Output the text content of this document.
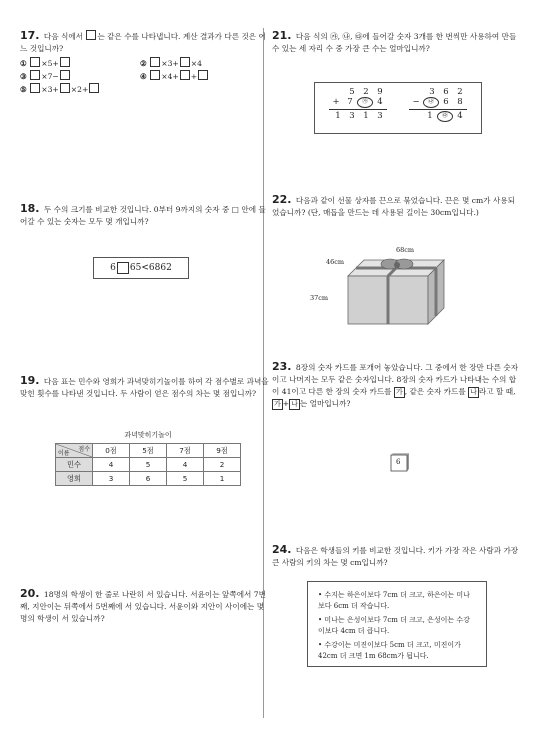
17. 다음 식에서 는 같은 수를 나타냅니다. 계산 결과가 다른 것은 어느 것입니까?
① ×5+	② ×3+ ×4
③ ×7−	④ ×4+ +
⑤ ×3+ ×2+
18. 두 수의 크기를 비교한 것입니다. 0부터 9까지의 숫자 중 □ 안에 들어갈 수 있는 숫자는 모두 몇 개입니까?
6 65<6862
19. 다음 표는 민수와 영희가 과녁맞히기놀이를 하여 각 점수별로 과녁을 맞힌 횟수를 나타낸 것입니다. 두 사람이 얻은 점수의 차는 몇 점입니까?
과녁맞히기놀이
점수
이름	0점	5점	7점	9점
민수	4	5	4	2
영희	3	6	5	1
20. 18명의 학생이 한 줄로 나란히 서 있습니다. 서윤이는 앞쪽에서 7번째, 지안이는 뒤쪽에서 5번째에 서 있습니다. 서윤이와 지안이 사이에는 몇 명의 학생이 서 있습니까?
21. 다음 식의 ㉮, ㉯, ㉰에 들어갈 숫자 3개를 한 번씩만 사용하여 만들 수 있는 세 자리 수 중 가장 큰 수는 얼마입니까?
5	2	9
+ 7	㉮	4
1	3	1	3
3	6	2
−	㉯	6	8
1	㉰	4
22. 다음과 같이 선물 상자를 끈으로 묶었습니다. 끈은 몇 cm가 사용되었습니까? (단, 매듭을 만드는 데 사용된 길이는 30cm입니다.)
68cm
46cm
37cm
23. 8장의 숫자 카드를 포개어 놓았습니다. 그 중에서 한 장만 다른 숫자이고 나머지는 모두 같은 숫자입니다. 8장의 숫자 카드가 나타내는 수의 합이 41이고 다른 한 장의 숫자 카드를 가 , 같은 숫자 카드를 나 라고 할 때, 가 + 나 는 얼마입니까?
6
24. 다음은 학생들의 키를 비교한 것입니다. 키가 가장 작은 사람과 가장 큰 사람의 키의 차는 몇 cm입니까?

• 수지는 하은이보다 7cm 더 크고, 하은이는 미나보다 6cm 더 작습니다.

• 미나는 은성이보다 7cm 더 크고, 은성이는 수강이보다 4cm 더 큽니다.

• 수강이는 미진이보다 5cm 더 크고, 미진이가 42cm 더 크면 1m 68cm가 됩니다.
